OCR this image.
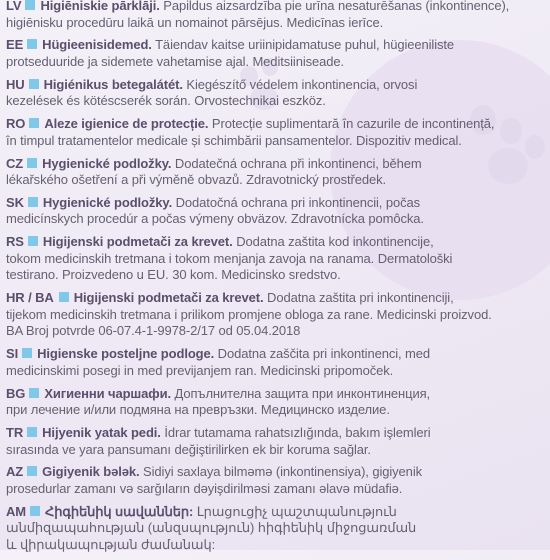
LV Higiēniskie pārklāji. Papildus aizsardzība pie urīna nesaturēšanas (inkontinence),
higiēnisku procedūru laikā un nomainot pārsējus. Medicīnas ierīce.
EE Hügieenisidemed. Täiendav kaitse uriinipidamatuse puhul, hügieeniliste
protseduuride ja sidemete vahetamise ajal. Meditsiiniseade.
HU Higiénikus betegalátét. Kiegészítő védelem inkontinencia, orvosi
kezelések és kötéscserék során. Orvostechnikai eszköz.
RO Aleze igienice de protecție. Protecție suplimentară în cazurile de incontinență,
în timpul tratamentelor medicale și schimbării pansamentelor. Dispozitiv medical.
CZ Hygienické podložky. Dodatečná ochrana při inkontinenci, během
lékařského ošetření a při výměně obvazů. Zdravotnický prostředek.
SK Hygienické podložky. Dodatočná ochrana pri inkontinencii, počas
medicínskych procedúr a počas výmeny obväzov. Zdravotnícka pomôcka.
RS Higijenski podmetači za krevet. Dodatna zaštita kod inkontinencije,
tokom medicinskih tretmana i tokom menjanja zavoja na ranama. Dermatološki
testirano. Proizvedeno u EU. 30 kom. Medicinsko sredstvo.
HR / BA Higijenski podmetači za krevet. Dodatna zaštita pri inkontinenciji,
tijekom medicinskih tretmana i prilikom promjene obloga za rane. Medicinski proizvod.
BA Broj potvrde 06-07.4-1-9978-2/17 od 05.04.2018
SI Higienske posteljne podloge. Dodatna zaščita pri inkontinenci, med
medicinskimi posegi in med previjanjem ran. Medicinski pripomoček.
BG Хигиенни чаршафи. Допълнителна защита при инконтиненция,
при лечение и/или подмяна на превръзки. Медицинско изделие.
TR Hijyenik yatak pedi. İdrar tutamama rahatsızlığında, bakım işlemleri
sırasında ve yara pansumanı değiştirilirken ek bir koruma sağlar.
AZ Gigiyenik bələk. Sidiyi saxlaya bilməmə (inkontinensiya), gigiyenik
prosedurlar zamanı və sarğıların dəyişdirilməsi zamanı əlavə müdafiə.
AM Հիգիենիկ սավաններ: Լրացուցիչ պաշտպանություն
անմիզապահության (անզսպություն) հիգիենիկ միջոցառման
և վիրակապության ժամանակ:
